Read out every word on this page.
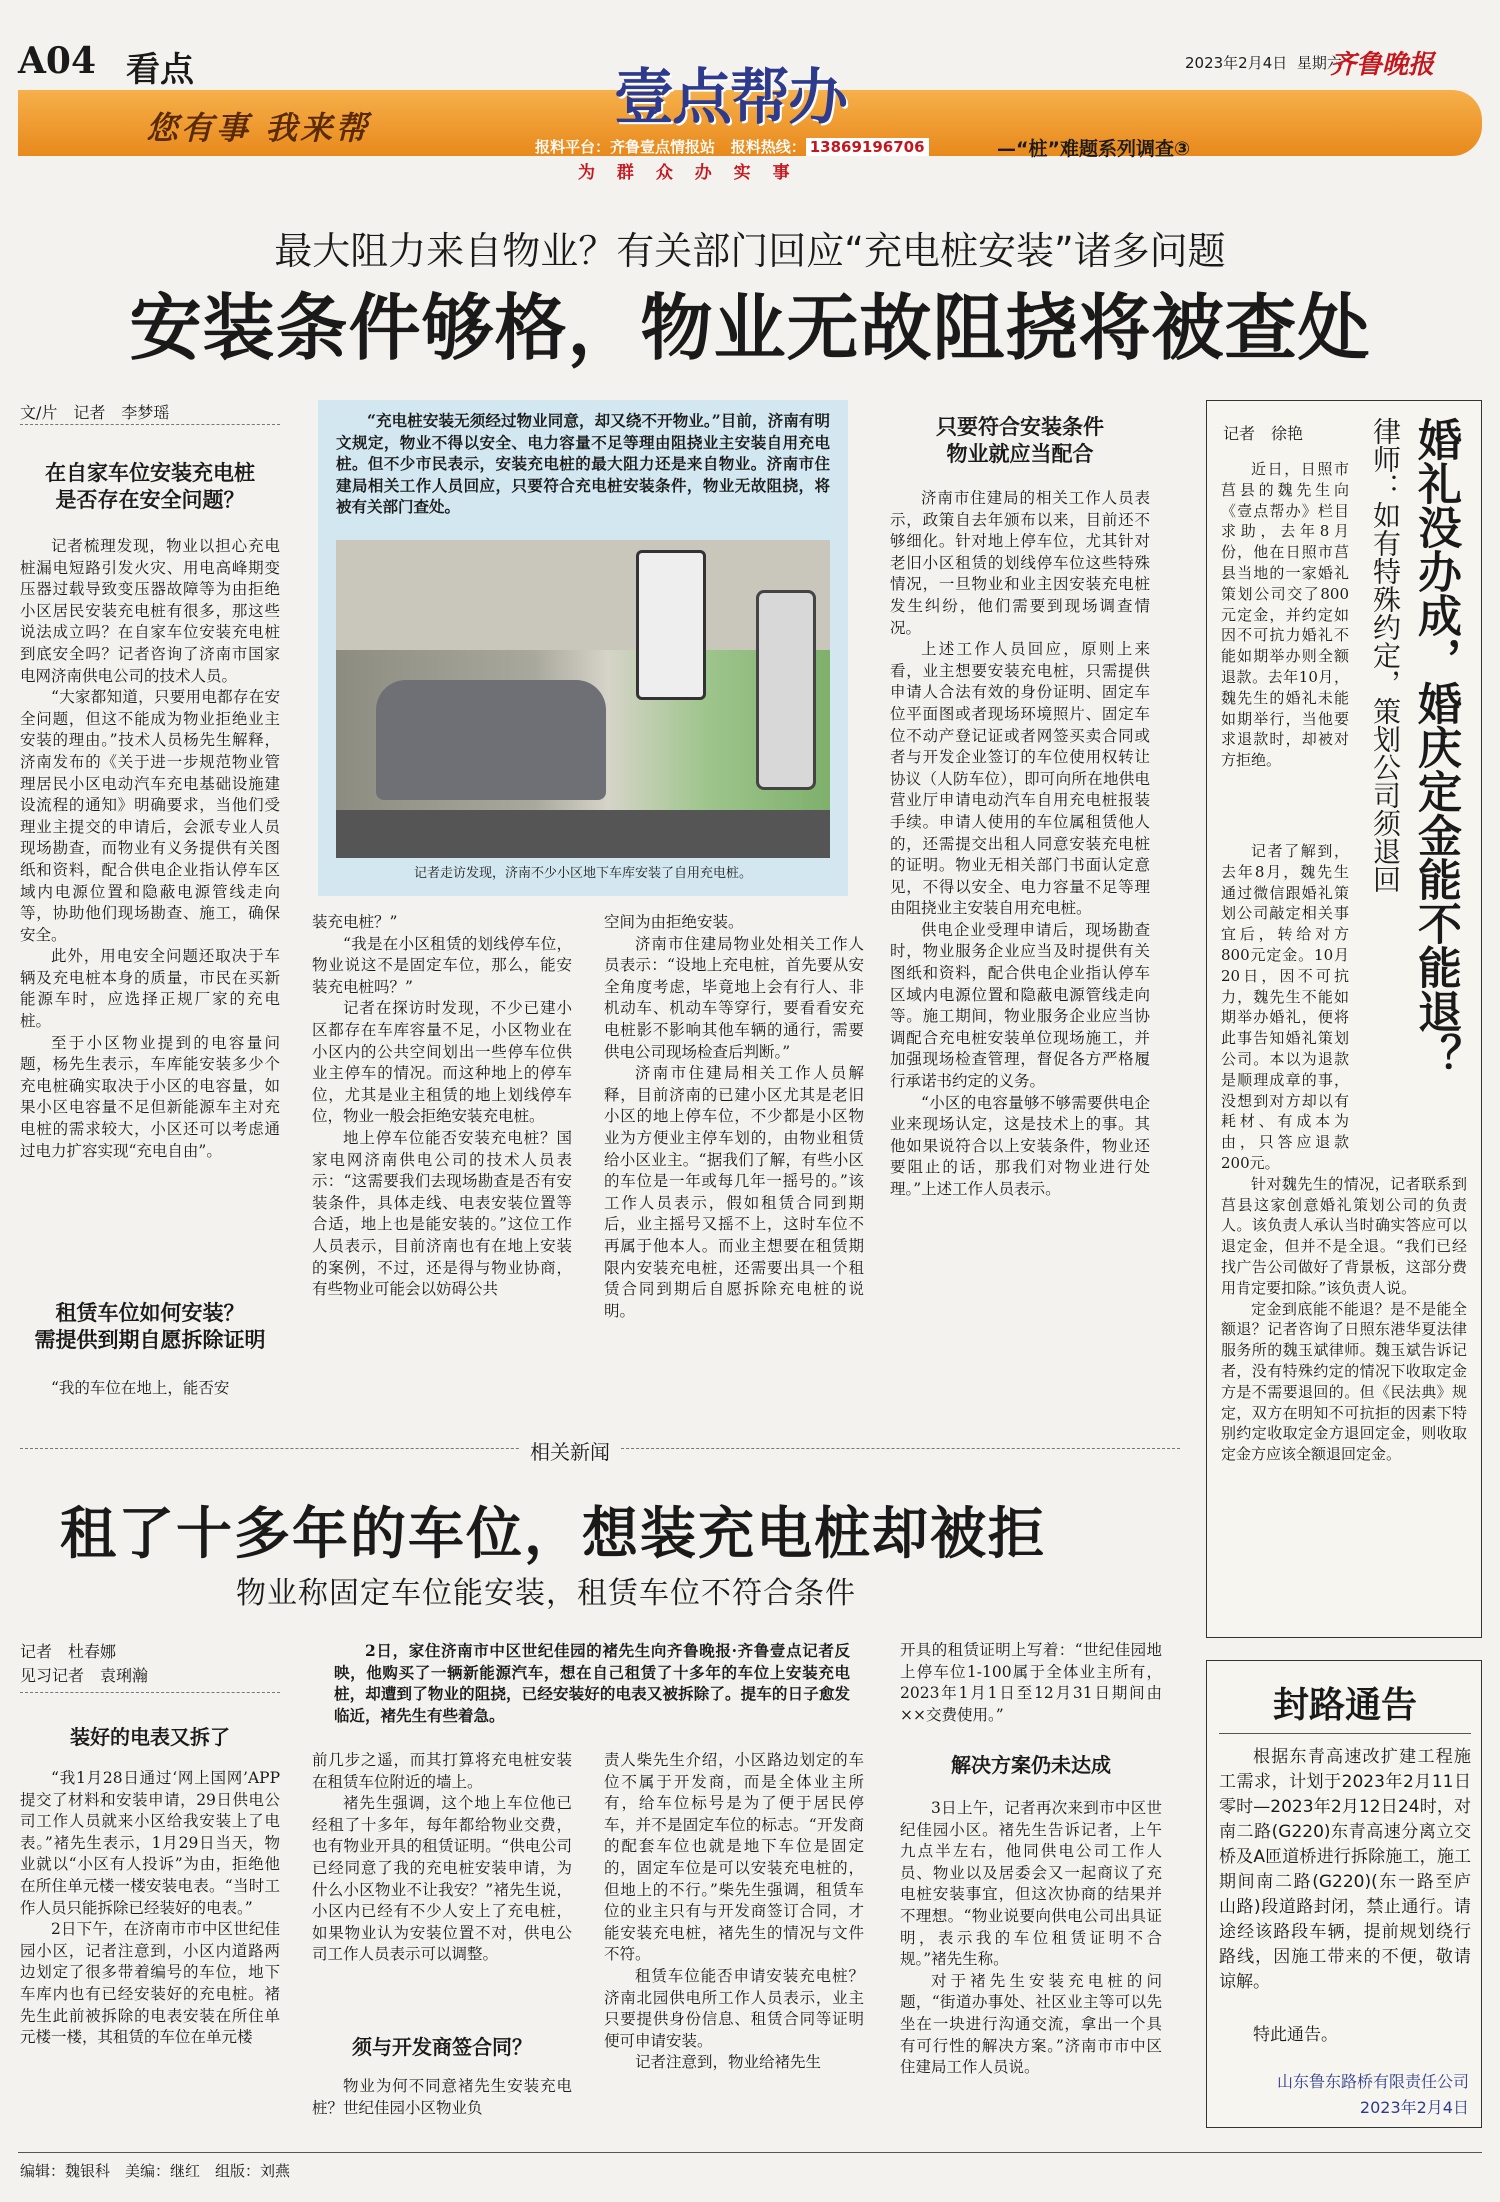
A04 看点	2023年2月4日 星期六
齐鲁晚报
您有事 我来帮	壹点帮办
报料平台：齐鲁壹点情报站 报料热线： 13869196706	—“桩”难题系列调查③
为 群 众 办 实 事
最大阻力来自物业？有关部门回应“充电桩安装”诸多问题
安装条件够格，物业无故阻挠将被查处
文/片　记者　李梦瑶
在自家车位安装充电桩
是否存在安全问题？

记者梳理发现，物业以担心充电桩漏电短路引发火灾、用电高峰期变压器过载导致变压器故障等为由拒绝小区居民安装充电桩有很多，那这些说法成立吗？在自家车位安装充电桩到底安全吗？记者咨询了济南市国家电网济南供电公司的技术人员。

“大家都知道，只要用电都存在安全问题，但这不能成为物业拒绝业主安装的理由。”技术人员杨先生解释，济南发布的《关于进一步规范物业管理居民小区电动汽车充电基础设施建设流程的通知》明确要求，当他们受理业主提交的申请后，会派专业人员现场勘查，而物业有义务提供有关图纸和资料，配合供电企业指认停车区域内电源位置和隐蔽电源管线走向等，协助他们现场勘查、施工，确保安全。

此外，用电安全问题还取决于车辆及充电桩本身的质量，市民在买新能源车时，应选择正规厂家的充电桩。

至于小区物业提到的电容量问题，杨先生表示，车库能安装多少个充电桩确实取决于小区的电容量，如果小区电容量不足但新能源车主对充电桩的需求较大，小区还可以考虑通过电力扩容实现“充电自由”。

租赁车位如何安装？
需提供到期自愿拆除证明

“我的车位在地上，能否安

“充电桩安装无须经过物业同意，却又绕不开物业。”目前，济南有明文规定，物业不得以安全、电力容量不足等理由阻挠业主安装自用充电桩。但不少市民表示，安装充电桩的最大阻力还是来自物业。济南市住建局相关工作人员回应，只要符合充电桩安装条件，物业无故阻挠，将被有关部门查处。
记者走访发现，济南不少小区地下车库安装了自用充电桩。

装充电桩？”

“我是在小区租赁的划线停车位，物业说这不是固定车位，那么，能安装充电桩吗？”

记者在探访时发现，不少已建小区都存在车库容量不足，小区物业在小区内的公共空间划出一些停车位供业主停车的情况。而这种地上的停车位，尤其是业主租赁的地上划线停车位，物业一般会拒绝安装充电桩。

地上停车位能否安装充电桩？国家电网济南供电公司的技术人员表示：“这需要我们去现场勘查是否有安装条件，具体走线、电表安装位置等合适，地上也是能安装的。”这位工作人员表示，目前济南也有在地上安装的案例，不过，还是得与物业协商，有些物业可能会以妨碍公共

空间为由拒绝安装。

济南市住建局物业处相关工作人员表示：“设地上充电桩，首先要从安全角度考虑，毕竟地上会有行人、非机动车、机动车等穿行，要看看安充电桩影不影响其他车辆的通行，需要供电公司现场检查后判断。”

济南市住建局相关工作人员解释，目前济南的已建小区尤其是老旧小区的地上停车位，不少都是小区物业为方便业主停车划的，由物业租赁给小区业主。“据我们了解，有些小区的车位是一年或每几年一摇号的。”该工作人员表示，假如租赁合同到期后，业主摇号又摇不上，这时车位不再属于他本人。而业主想要在租赁期限内安装充电桩，还需要出具一个租赁合同到期后自愿拆除充电桩的说明。

只要符合安装条件
物业就应当配合

济南市住建局的相关工作人员表示，政策自去年颁布以来，目前还不够细化。针对地上停车位，尤其针对老旧小区租赁的划线停车位这些特殊情况，一旦物业和业主因安装充电桩发生纠纷，他们需要到现场调查情况。

上述工作人员回应，原则上来看，业主想要安装充电桩，只需提供申请人合法有效的身份证明、固定车位平面图或者现场环境照片、固定车位不动产登记证或者网签买卖合同或者与开发企业签订的车位使用权转让协议（人防车位），即可向所在地供电营业厅申请电动汽车自用充电桩报装手续。申请人使用的车位属租赁他人的，还需提交出租人同意安装充电桩的证明。物业无相关部门书面认定意见，不得以安全、电力容量不足等理由阻挠业主安装自用充电桩。

供电企业受理申请后，现场勘查时，物业服务企业应当及时提供有关图纸和资料，配合供电企业指认停车区域内电源位置和隐蔽电源管线走向等。施工期间，物业服务企业应当协调配合充电桩安装单位现场施工，并加强现场检查管理，督促各方严格履行承诺书约定的义务。

“小区的电容量够不够需要供电企业来现场认定，这是技术上的事。其他如果说符合以上安装条件，物业还要阻止的话，那我们对物业进行处理。”上述工作人员表示。

记者　徐艳 律师：如有特殊约定，策划公司须退回 婚礼没办成，婚庆定金能不能退？

近日，日照市莒县的魏先生向《壹点帮办》栏目求助，去年8月份，他在日照市莒县当地的一家婚礼策划公司交了800元定金，并约定如因不可抗力婚礼不能如期举办则全额退款。去年10月，魏先生的婚礼未能如期举行，当他要求退款时，却被对方拒绝。

记者了解到，去年8月，魏先生通过微信跟婚礼策划公司敲定相关事宜后，转给对方800元定金。10月20日，因不可抗力，魏先生不能如期举办婚礼，便将此事告知婚礼策划公司。本以为退款是顺理成章的事，没想到对方却以有耗材、有成本为由，只答应退款200元。

针对魏先生的情况，记者联系到莒县这家创意婚礼策划公司的负责人。该负责人承认当时确实答应可以退定金，但并不是全退。“我们已经找广告公司做好了背景板，这部分费用肯定要扣除。”该负责人说。

定金到底能不能退？是不是能全额退？记者咨询了日照东港华夏法律服务所的魏玉斌律师。魏玉斌告诉记者，没有特殊约定的情况下收取定金方是不需要退回的。但《民法典》规定，双方在明知不可抗拒的因素下特别约定收取定金方退回定金，则收取定金方应该全额退回定金。

相关新闻
租了十多年的车位，想装充电桩却被拒
物业称固定车位能安装，租赁车位不符合条件
记者　杜春娜
见习记者　袁琍瀚
装好的电表又拆了

“我1月28日通过‘网上国网’APP提交了材料和安装申请，29日供电公司工作人员就来小区给我安装上了电表。”褚先生表示，1月29日当天，物业就以“小区有人投诉”为由，拒绝他在所住单元楼一楼安装电表。“当时工作人员只能拆除已经装好的电表。”

2日下午，在济南市市中区世纪佳园小区，记者注意到，小区内道路两边划定了很多带着编号的车位，地下车库内也有已经安装好的充电桩。褚先生此前被拆除的电表安装在所住单元楼一楼，其租赁的车位在单元楼

2日，家住济南市中区世纪佳园的褚先生向齐鲁晚报·齐鲁壹点记者反映，他购买了一辆新能源汽车，想在自己租赁了十多年的车位上安装充电桩，却遭到了物业的阻挠，已经安装好的电表又被拆除了。提车的日子愈发临近，褚先生有些着急。

前几步之遥，而其打算将充电桩安装在租赁车位附近的墙上。

褚先生强调，这个地上车位他已经租了十多年，每年都给物业交费，也有物业开具的租赁证明。“供电公司已经同意了我的充电桩安装申请，为什么小区物业不让我安？”褚先生说，小区内已经有不少人安上了充电桩，如果物业认为安装位置不对，供电公司工作人员表示可以调整。

须与开发商签合同？

物业为何不同意褚先生安装充电桩？世纪佳园小区物业负

责人柴先生介绍，小区路边划定的车位不属于开发商，而是全体业主所有，给车位标号是为了便于居民停车，并不是固定车位的标志。“开发商的配套车位也就是地下车位是固定的，固定车位是可以安装充电桩的，但地上的不行。”柴先生强调，租赁车位的业主只有与开发商签订合同，才能安装充电桩，褚先生的情况与文件不符。

租赁车位能否申请安装充电桩？济南北园供电所工作人员表示，业主只要提供身份信息、租赁合同等证明便可申请安装。

记者注意到，物业给褚先生

开具的租赁证明上写着：“世纪佳园地上停车位1-100属于全体业主所有，2023年1月1日至12月31日期间由××交费使用。”

解决方案仍未达成

3日上午，记者再次来到市中区世纪佳园小区。褚先生告诉记者，上午九点半左右，他同供电公司工作人员、物业以及居委会又一起商议了充电桩安装事宜，但这次协商的结果并不理想。“物业说要向供电公司出具证明，表示我的车位租赁证明不合规。”褚先生称。

对于褚先生安装充电桩的问题，“街道办事处、社区业主等可以先坐在一块进行沟通交流，拿出一个具有可行性的解决方案。”济南市市中区住建局工作人员说。

封路通告

根据东青高速改扩建工程施工需求，计划于2023年2月11日零时—2023年2月12日24时，对南二路(G220)东青高速分离立交桥及A匝道桥进行拆除施工，施工期间南二路(G220)(东一路至庐山路)段道路封闭，禁止通行。请途经该路段车辆，提前规划绕行路线，因施工带来的不便，敬请谅解。

特此通告。

山东鲁东路桥有限责任公司
2023年2月4日
编辑：魏银科　美编：继红　组版：刘燕
